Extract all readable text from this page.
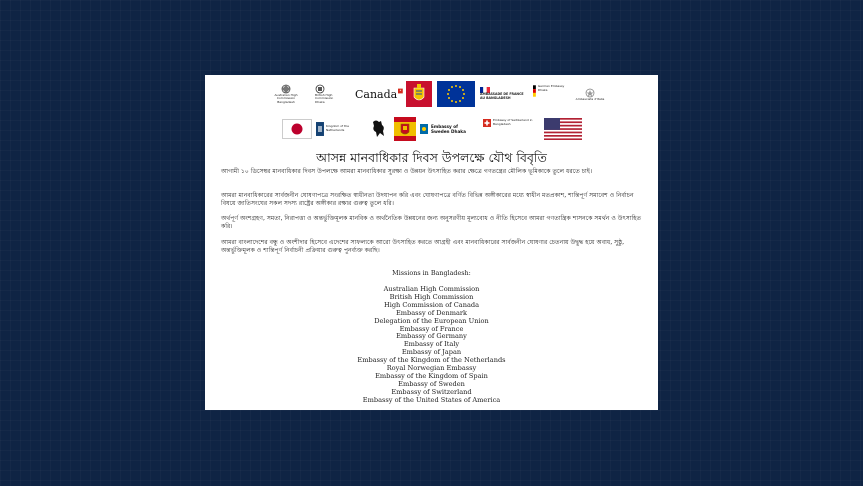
Australian High Commission Bangladesh
British High Commission Dhaka
Canada	AMBASSADE DE FRANCE AU BANGLADESH
German Embassy Dhaka
Ambasciata d'Italia
Kingdom of the Netherlands
Embassy of Sweden Dhaka
Embassy of Switzerland in Bangladesh
আসন্ন মানবাধিকার দিবস উপলক্ষে যৌথ বিবৃতি

আগামী ১০ ডিসেম্বর মানবাধিকার দিবস উপলক্ষে আমরা মানবাধিকার সুরক্ষা ও উন্নয়ন উৎসাহিত করার ক্ষেত্রে গণতন্ত্রের মৌলিক ভূমিকাকে তুলে ধরতে চাই।

আমরা মানবাধিকারের সার্বজনীন ঘোষণাপত্রে সংরক্ষিত স্বাধীনতা উদযাপন করি এবং ঘোষণাপত্রে বর্ণিত বিভিন্ন অঙ্গীকারের মধ্যে স্বাধীন মতপ্রকাশ, শান্তিপূর্ণ সমাবেশ ও নির্বাচন বিষয়ে জাতিসংঘের সকল সদস্য রাষ্ট্রের অঙ্গীকার রক্ষার গুরুত্ব তুলে ধরি।

অর্থপূর্ণ অংশগ্রহণ, সমতা, নিরাপত্তা ও অন্তর্ভুক্তিমূলক মানবিক ও অর্থনৈতিক উন্নয়নের জন্য অনুসরণীয় মূল্যবোধ ও নীতি হিসেবে আমরা গণতান্ত্রিক শাসনকে সমর্থন ও উৎসাহিত করি।

আমরা বাংলাদেশের বন্ধু ও অংশীদার হিসেবে এদেশের সাফল্যকে আরো উৎসাহিত করতে আগ্রহী এবং মানবাধিকারের সার্বজনীন ঘোষণার চেতনায় উদ্বুদ্ধ হয়ে অবাধ, সুষ্ঠু, অন্তর্ভুক্তিমূলক ও শান্তিপূর্ণ নির্বাচনী প্রক্রিয়ার গুরুত্ব পুনর্ব্যক্ত করছি।

Missions in Bangladesh:

Australian High Commission
British High Commission
High Commission of Canada
Embassy of Denmark
Delegation of the European Union
Embassy of France
Embassy of Germany
Embassy of Italy
Embassy of Japan
Embassy of the Kingdom of the Netherlands
Royal Norwegian Embassy
Embassy of the Kingdom of Spain
Embassy of Sweden
Embassy of Switzerland
Embassy of the United States of America
